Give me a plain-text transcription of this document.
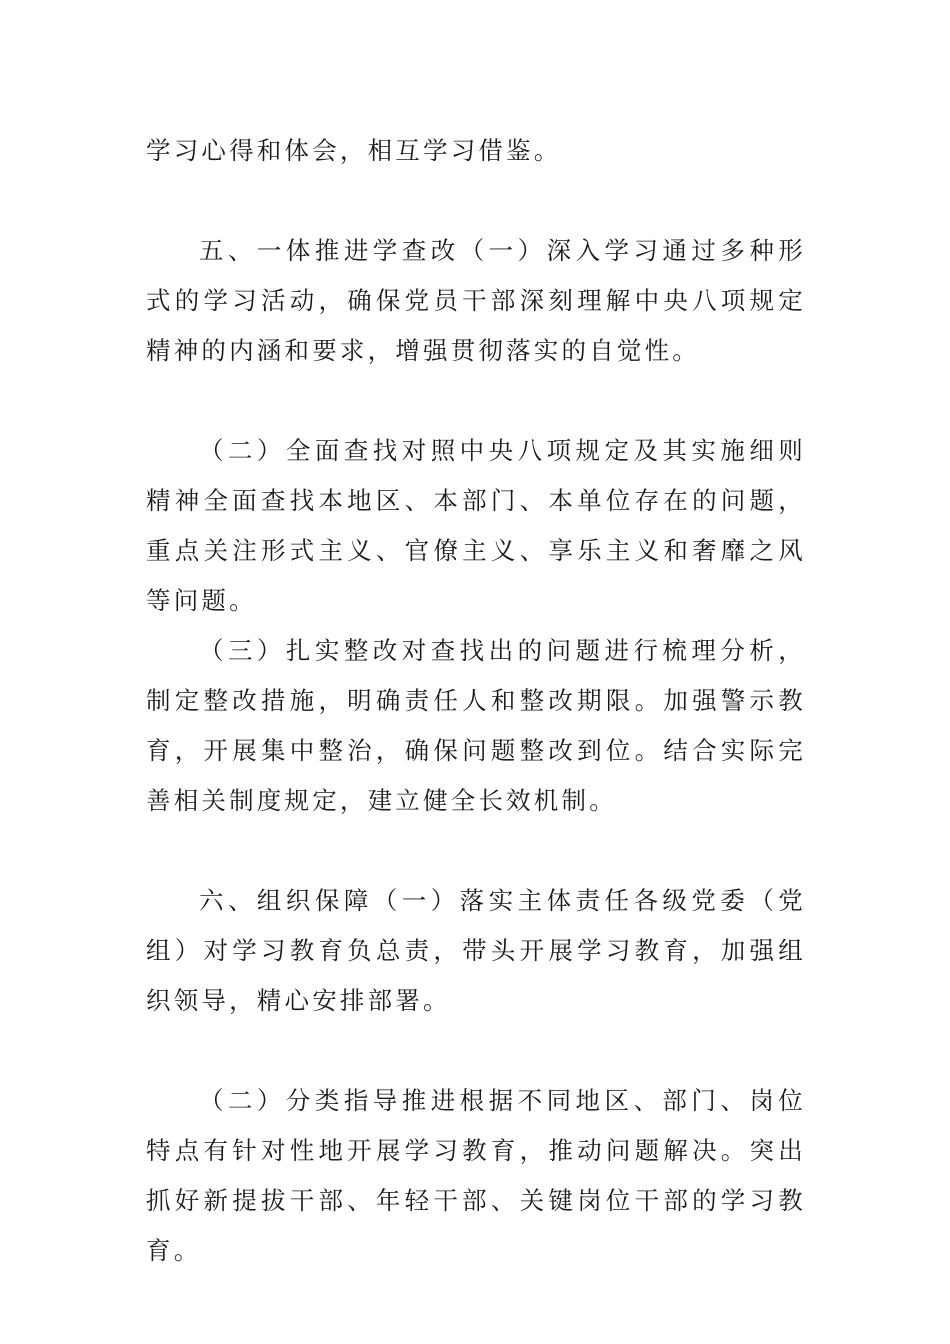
学习心得和体会，相互学习借鉴。

五、一体推进学查改（一）深入学习通过多种形式的学习活动，确保党员干部深刻理解中央八项规定精神的内涵和要求，增强贯彻落实的自觉性。

（二）全面查找对照中央八项规定及其实施细则精神全面查找本地区、本部门、本单位存在的问题，重点关注形式主义、官僚主义、享乐主义和奢靡之风等问题。

（三）扎实整改对查找出的问题进行梳理分析，制定整改措施，明确责任人和整改期限。加强警示教育，开展集中整治，确保问题整改到位。结合实际完善相关制度规定，建立健全长效机制。

六、组织保障（一）落实主体责任各级党委（党组）对学习教育负总责，带头开展学习教育，加强组织领导，精心安排部署。

（二）分类指导推进根据不同地区、部门、岗位特点有针对性地开展学习教育，推动问题解决。突出抓好新提拔干部、年轻干部、关键岗位干部的学习教育。
